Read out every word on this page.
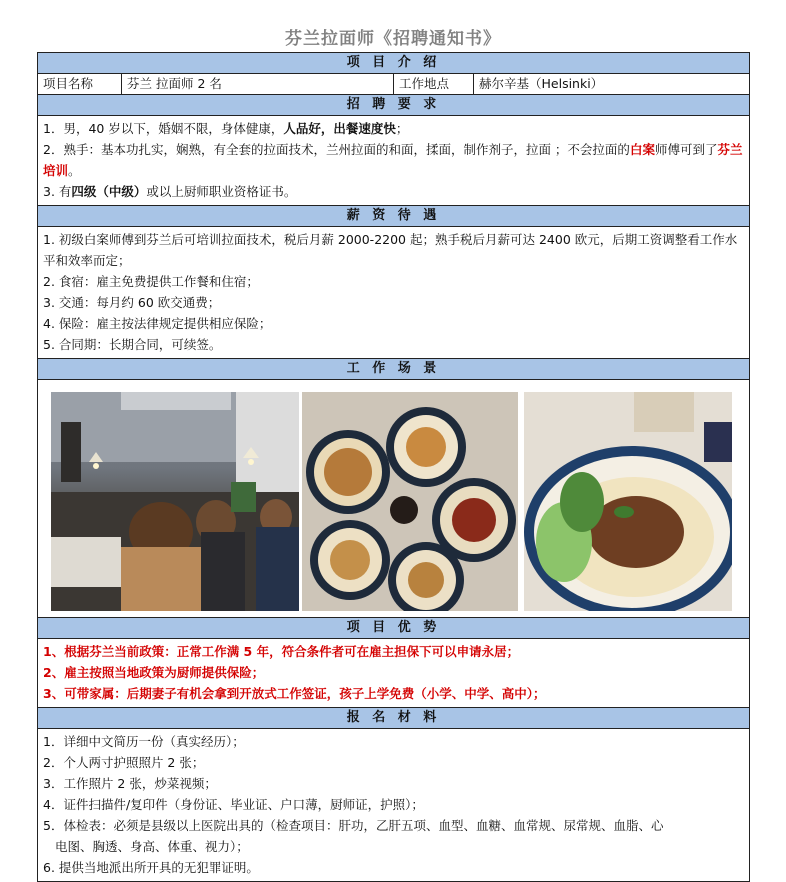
芬兰拉面师《招聘通知书》
项 目 介 绍
项目名称	芬兰 拉面师 2 名	工作地点	赫尔辛基（Helsinki）
招 聘 要 求

1．男，40 岁以下，婚姻不限，身体健康，人品好，出餐速度快；

2．熟手：基本功扎实，娴熟，有全套的拉面技术，兰州拉面的和面，揉面，制作剂子，拉面 ；不会拉面的白案师傅可到了芬兰培训。

3. 有四级（中级）或以上厨师职业资格证书。

薪 资 待 遇

1. 初级白案师傅到芬兰后可培训拉面技术，税后月薪 2000-2200 起；熟手税后月薪可达 2400 欧元，后期工资调整看工作水平和效率而定；

2. 食宿：雇主免费提供工作餐和住宿；

3. 交通：每月约 60 欧交通费；

4. 保险：雇主按法律规定提供相应保险；

5. 合同期：长期合同，可续签。

工 作 场 景
项 目 优 势

1、根据芬兰当前政策：正常工作满 5 年，符合条件者可在雇主担保下可以申请永居；

2、雇主按照当地政策为厨师提供保险；

3、可带家属：后期妻子有机会拿到开放式工作签证，孩子上学免费（小学、中学、高中）；

报 名 材 料

1．详细中文简历一份（真实经历）；

2．个人两寸护照照片 2 张；

3．工作照片 2 张，炒菜视频；

4．证件扫描件/复印件（身份证、毕业证、户口薄，厨师证，护照）；

5．体检表：必须是县级以上医院出具的（检查项目：肝功，乙肝五项、血型、血糖、血常规、尿常规、血脂、心

电图、胸透、身高、体重、视力）；

6. 提供当地派出所开具的无犯罪证明。
